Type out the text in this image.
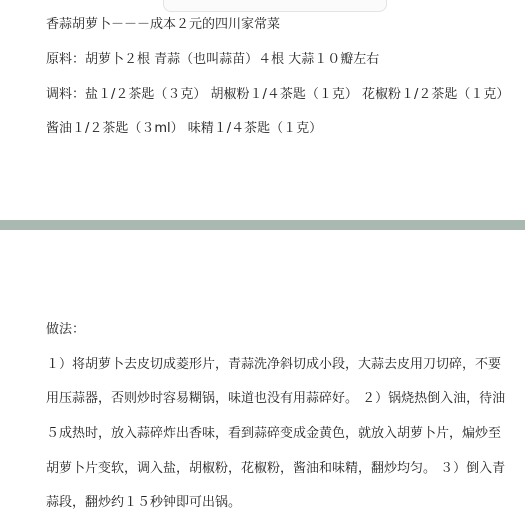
香蒜胡萝卜－－－成本２元的四川家常菜
原料：胡萝卜２根 青蒜（也叫蒜苗）４根 大蒜１０瓣左右
调料：盐１/２茶匙（３克） 胡椒粉１/４茶匙（１克） 花椒粉１/２茶匙（１克）
酱油１/２茶匙（３ml） 味精１/４茶匙（１克）
做法：
１）将胡萝卜去皮切成菱形片，青蒜洗净斜切成小段，大蒜去皮用刀切碎，不要
用压蒜器，否则炒时容易糊锅，味道也没有用蒜碎好。 ２）锅烧热倒入油，待油
５成热时，放入蒜碎炸出香味，看到蒜碎变成金黄色，就放入胡萝卜片，煸炒至
胡萝卜片变软，调入盐，胡椒粉，花椒粉，酱油和味精，翻炒均匀。 ３）倒入青
蒜段，翻炒约１５秒钟即可出锅。
